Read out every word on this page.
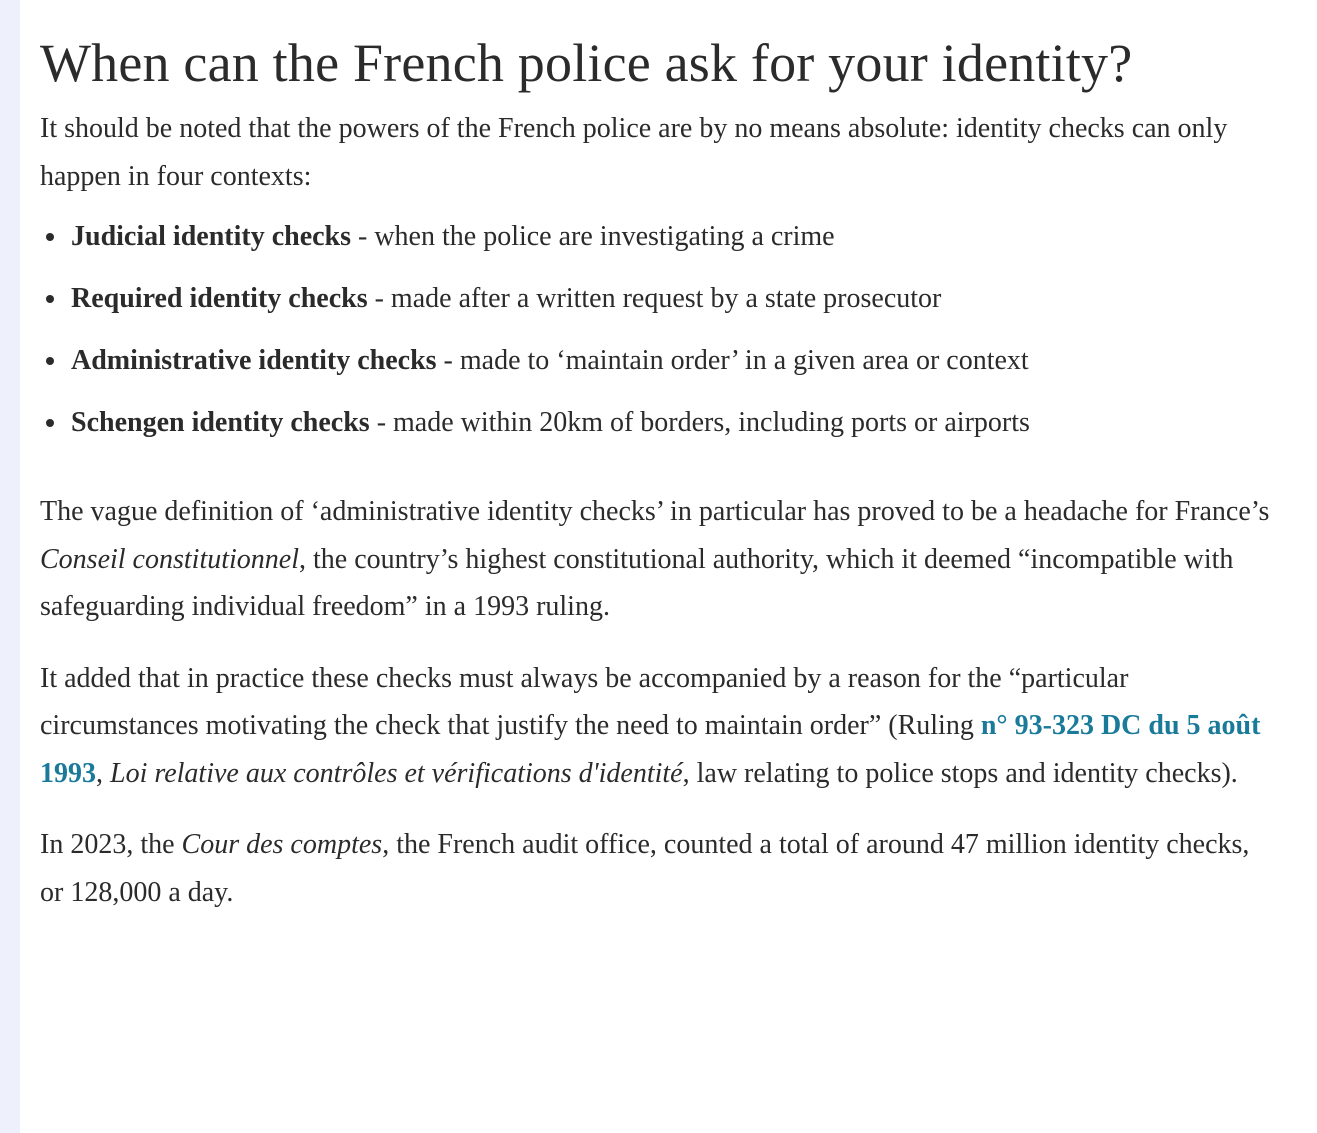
When can the French police ask for your identity?

It should be noted that the powers of the French police are by no means absolute: identity checks can only happen in four contexts:

Judicial identity checks - when the police are investigating a crime
Required identity checks - made after a written request by a state prosecutor
Administrative identity checks - made to ‘maintain order’ in a given area or context
Schengen identity checks - made within 20km of borders, including ports or airports

The vague definition of ‘administrative identity checks’ in particular has proved to be a headache for France’s Conseil constitutionnel, the country’s highest constitutional authority, which it deemed “incompatible with safeguarding individual freedom” in a 1993 ruling.

It added that in practice these checks must always be accompanied by a reason for the “particular circumstances motivating the check that justify the need to maintain order” (Ruling n° 93-323 DC du 5 août 1993, Loi relative aux contrôles et vérifications d'identité, law relating to police stops and identity checks).

In 2023, the Cour des comptes, the French audit office, counted a total of around 47 million identity checks, or 128,000 a day.
